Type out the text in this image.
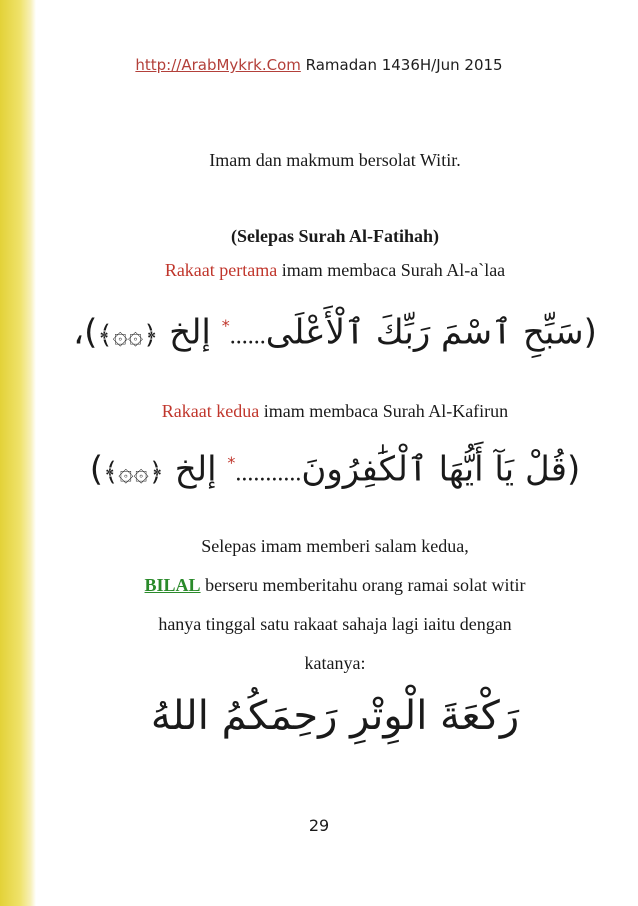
http://ArabMykrk.Com Ramadan 1436H/Jun 2015
Imam dan makmum bersolat Witir.
(Selepas Surah Al-Fatihah)
Rakaat pertama imam membaca Surah Al-a`laa
(سَبِّحِ ٱسْمَ رَبِّكَ ٱلْأَعْلَى......* إلخ ﴿۞۞﴾)،
Rakaat kedua imam membaca Surah Al-Kafirun
(قُلْ يَآ أَيُّهَا ٱلْكَٰفِرُونَ...........* إلخ ﴿۞۞﴾)
Selepas imam memberi salam kedua,
BILAL berseru memberitahu orang ramai solat witir
hanya tinggal satu rakaat sahaja lagi iaitu dengan
katanya:
رَكْعَةَ الْوِتْرِ رَحِمَكُمُ اللهُ
29
